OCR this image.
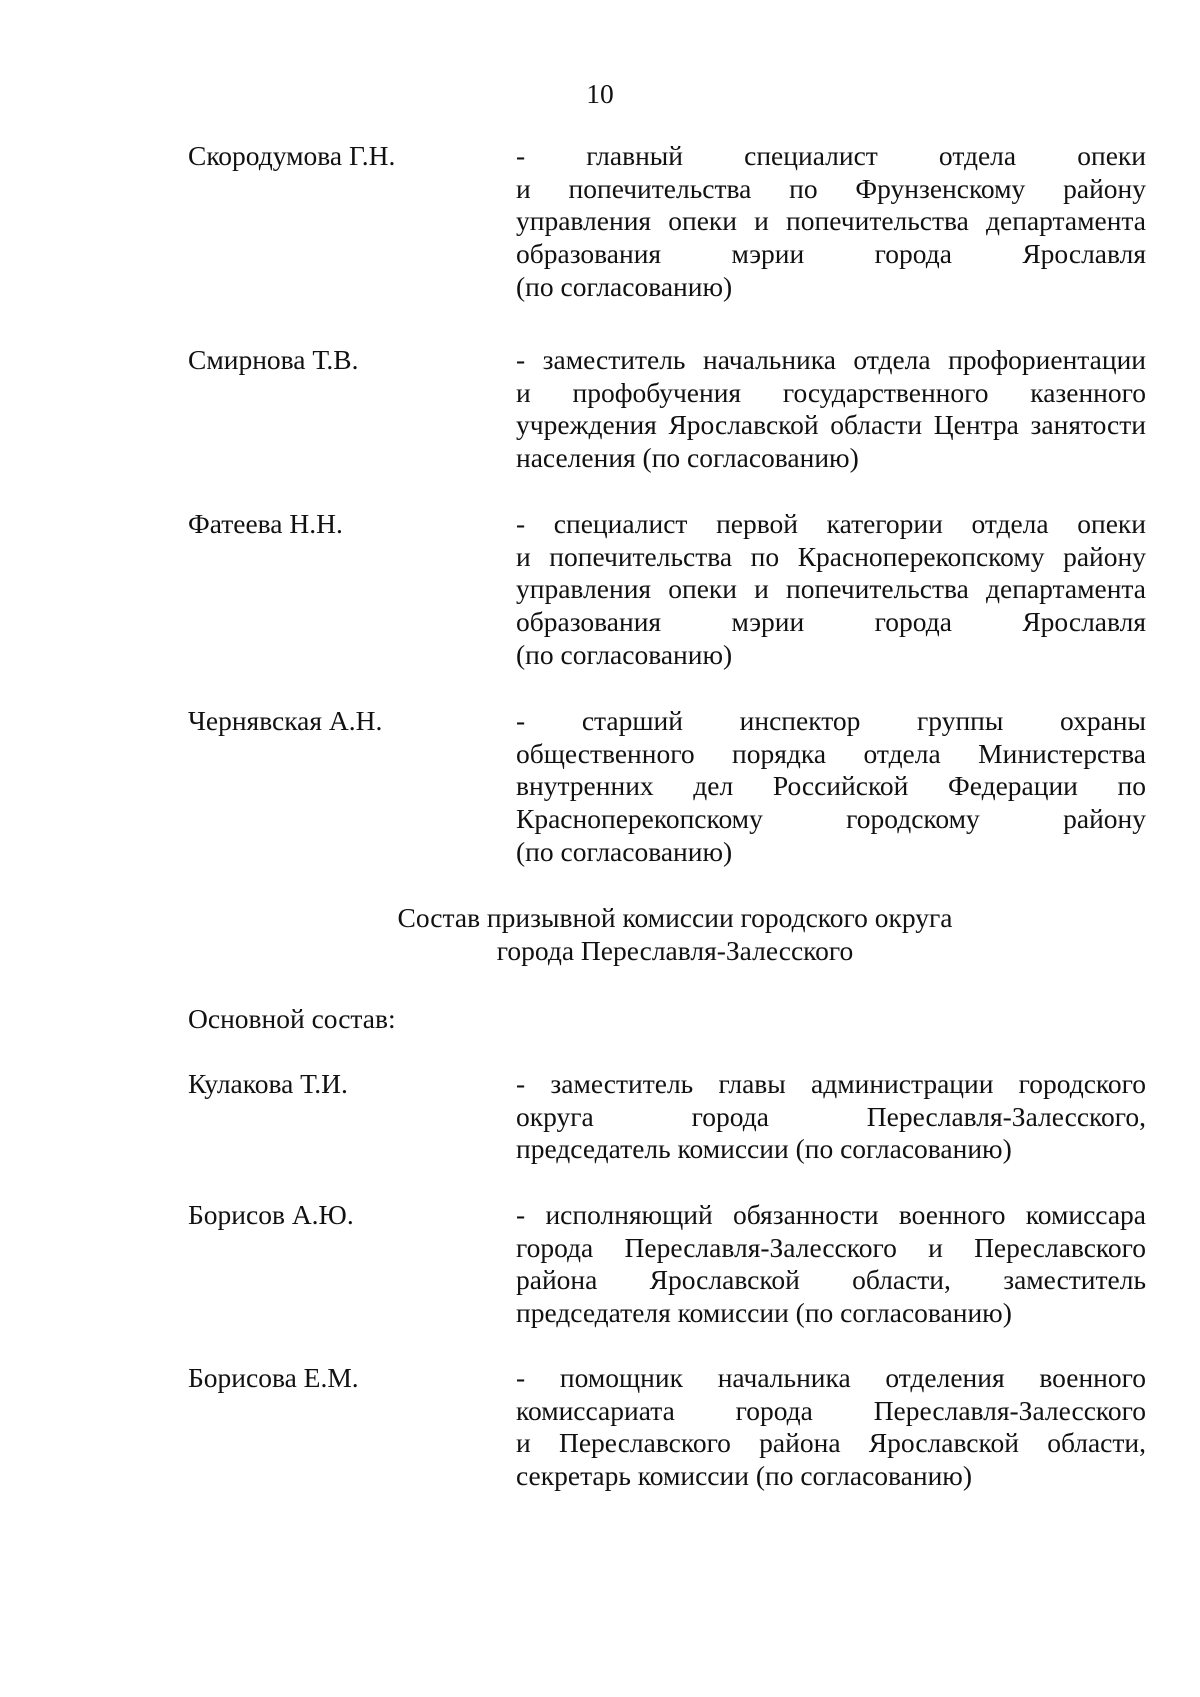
10
Скородумова Г.Н.	- главный специалист отдела опеки
и попечительства по Фрунзенскому району
управления опеки и попечительства департамента
образования мэрии города Ярославля
(по согласованию)
Смирнова Т.В.	- заместитель начальника отдела профориентации
и профобучения государственного казенного
учреждения Ярославской области Центра занятости
населения (по согласованию)
Фатеева Н.Н.	- специалист первой категории отдела опеки
и попечительства по Красноперекопскому району
управления опеки и попечительства департамента
образования мэрии города Ярославля
(по согласованию)
Чернявская А.Н.	- старший инспектор группы охраны
общественного порядка отдела Министерства
внутренних дел Российской Федерации по
Красноперекопскому городскому району
(по согласованию)
Состав призывной комиссии городского округа
города Переславля-Залесского
Основной состав:
Кулакова Т.И.	- заместитель главы администрации городского
округа города Переславля-Залесского,
председатель комиссии (по согласованию)
Борисов А.Ю.	- исполняющий обязанности военного комиссара
города Переславля-Залесского и Переславского
района Ярославской области, заместитель
председателя комиссии (по согласованию)
Борисова Е.М.	- помощник начальника отделения военного
комиссариата города Переславля-Залесского
и Переславского района Ярославской области,
секретарь комиссии (по согласованию)
